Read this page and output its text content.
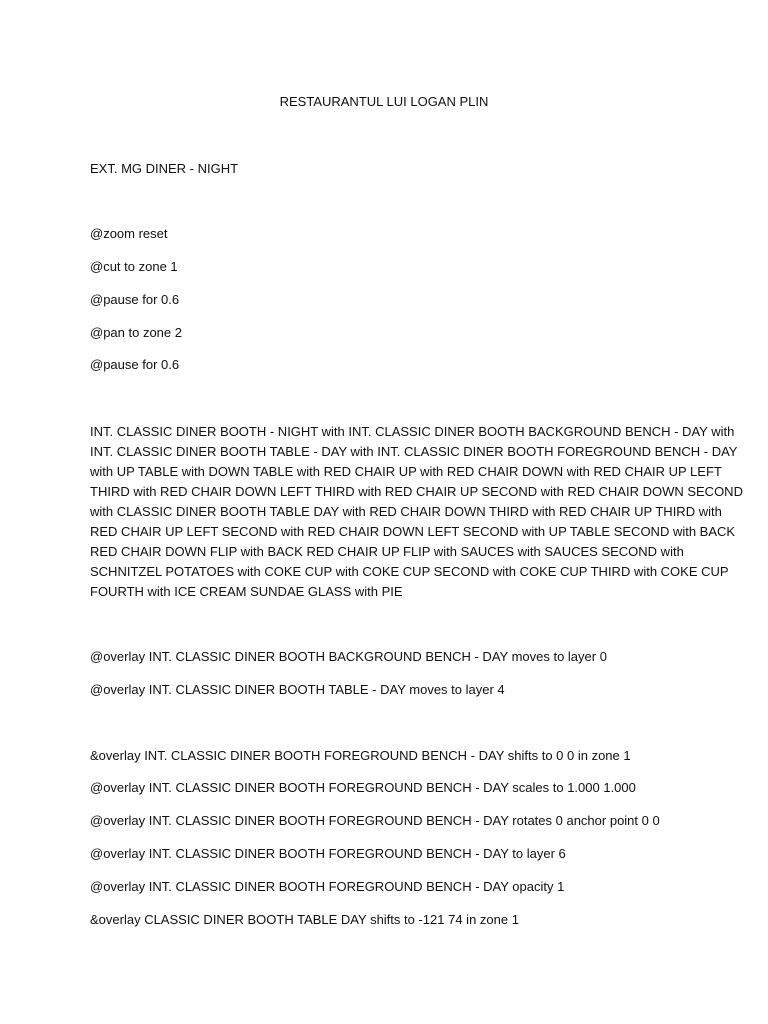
RESTAURANTUL LUI LOGAN PLIN
EXT. MG DINER - NIGHT
@zoom reset
@cut to zone 1
@pause for 0.6
@pan to zone 2
@pause for 0.6
INT. CLASSIC DINER BOOTH - NIGHT with INT. CLASSIC DINER BOOTH BACKGROUND BENCH - DAY with
INT. CLASSIC DINER BOOTH TABLE - DAY with INT. CLASSIC DINER BOOTH FOREGROUND BENCH - DAY
with UP TABLE with DOWN TABLE with RED CHAIR UP with RED CHAIR DOWN with RED CHAIR UP LEFT
THIRD with RED CHAIR DOWN LEFT THIRD with RED CHAIR UP SECOND with RED CHAIR DOWN SECOND
with CLASSIC DINER BOOTH TABLE DAY with RED CHAIR DOWN THIRD with RED CHAIR UP THIRD with
RED CHAIR UP LEFT SECOND with RED CHAIR DOWN LEFT SECOND with UP TABLE SECOND with BACK
RED CHAIR DOWN FLIP with BACK RED CHAIR UP FLIP with SAUCES with SAUCES SECOND with
SCHNITZEL POTATOES with COKE CUP with COKE CUP SECOND with COKE CUP THIRD with COKE CUP
FOURTH with ICE CREAM SUNDAE GLASS with PIE
@overlay INT. CLASSIC DINER BOOTH BACKGROUND BENCH - DAY moves to layer 0
@overlay INT. CLASSIC DINER BOOTH TABLE - DAY moves to layer 4
&overlay INT. CLASSIC DINER BOOTH FOREGROUND BENCH - DAY shifts to 0 0 in zone 1
@overlay INT. CLASSIC DINER BOOTH FOREGROUND BENCH - DAY scales to 1.000 1.000
@overlay INT. CLASSIC DINER BOOTH FOREGROUND BENCH - DAY rotates 0 anchor point 0 0
@overlay INT. CLASSIC DINER BOOTH FOREGROUND BENCH - DAY to layer 6
@overlay INT. CLASSIC DINER BOOTH FOREGROUND BENCH - DAY opacity 1
&overlay CLASSIC DINER BOOTH TABLE DAY shifts to -121 74 in zone 1
